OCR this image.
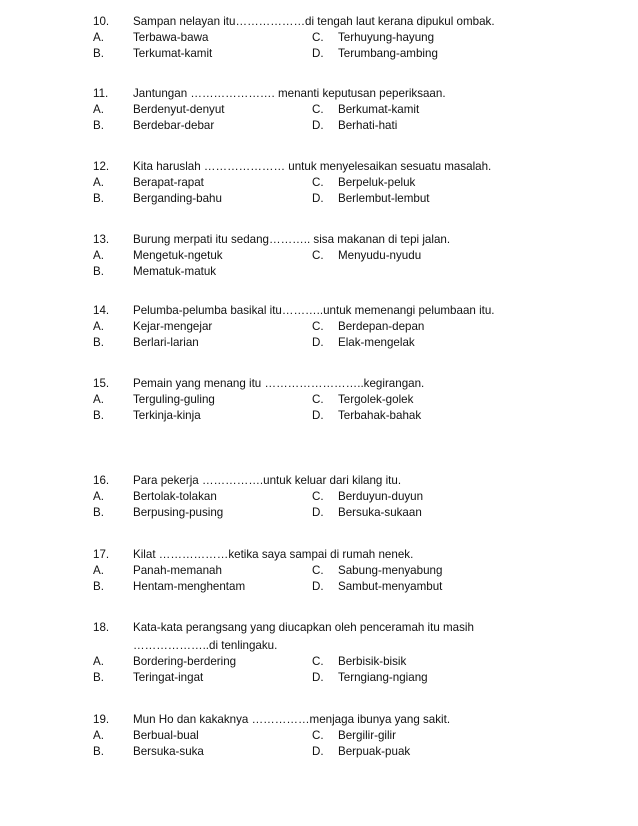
10. Sampan nelayan itu………………di tengah laut kerana dipukul ombak.
A.	Terbawa-bawa	C. Terhuyung-hayung
B.	Terkumat-kamit	D. Terumbang-ambing
11. Jantungan …………………. menanti keputusan peperiksaan.
A.	Berdenyut-denyut	C. Berkumat-kamit
B.	Berdebar-debar	D. Berhati-hati
12. Kita haruslah ………………… untuk menyelesaikan sesuatu masalah.
A.	Berapat-rapat	C. Berpeluk-peluk
B.	Berganding-bahu	D. Berlembut-lembut
13. Burung merpati itu sedang……….. sisa makanan di tepi jalan.
A.	Mengetuk-ngetuk	C. Menyudu-nyudu
B.	Mematuk-matuk
14. Pelumba-pelumba basikal itu………..untuk memenangi pelumbaan itu.
A.	Kejar-mengejar	C. Berdepan-depan
B.	Berlari-larian	D. Elak-mengelak
15. Pemain yang menang itu ……………………..kegirangan.
A.	Terguling-guling	C. Tergolek-golek
B.	Terkinja-kinja	D. Terbahak-bahak
16. Para pekerja …………….untuk keluar dari kilang itu.
A.	Bertolak-tolakan	C. Berduyun-duyun
B.	Berpusing-pusing	D. Bersuka-sukaan
17. Kilat ………………ketika saya sampai di rumah nenek.
A.	Panah-memanah	C. Sabung-menyabung
B.	Hentam-menghentam	D. Sambut-menyambut
18. Kata-kata perangsang yang diucapkan oleh penceramah itu masih
………………..di tenlingaku.
A.	Bordering-berdering	C. Berbisik-bisik
B.	Teringat-ingat	D. Terngiang-ngiang
19. Mun Ho dan kakaknya ……………menjaga ibunya yang sakit.
A.	Berbual-bual	C. Bergilir-gilir
B.	Bersuka-suka	D. Berpuak-puak
